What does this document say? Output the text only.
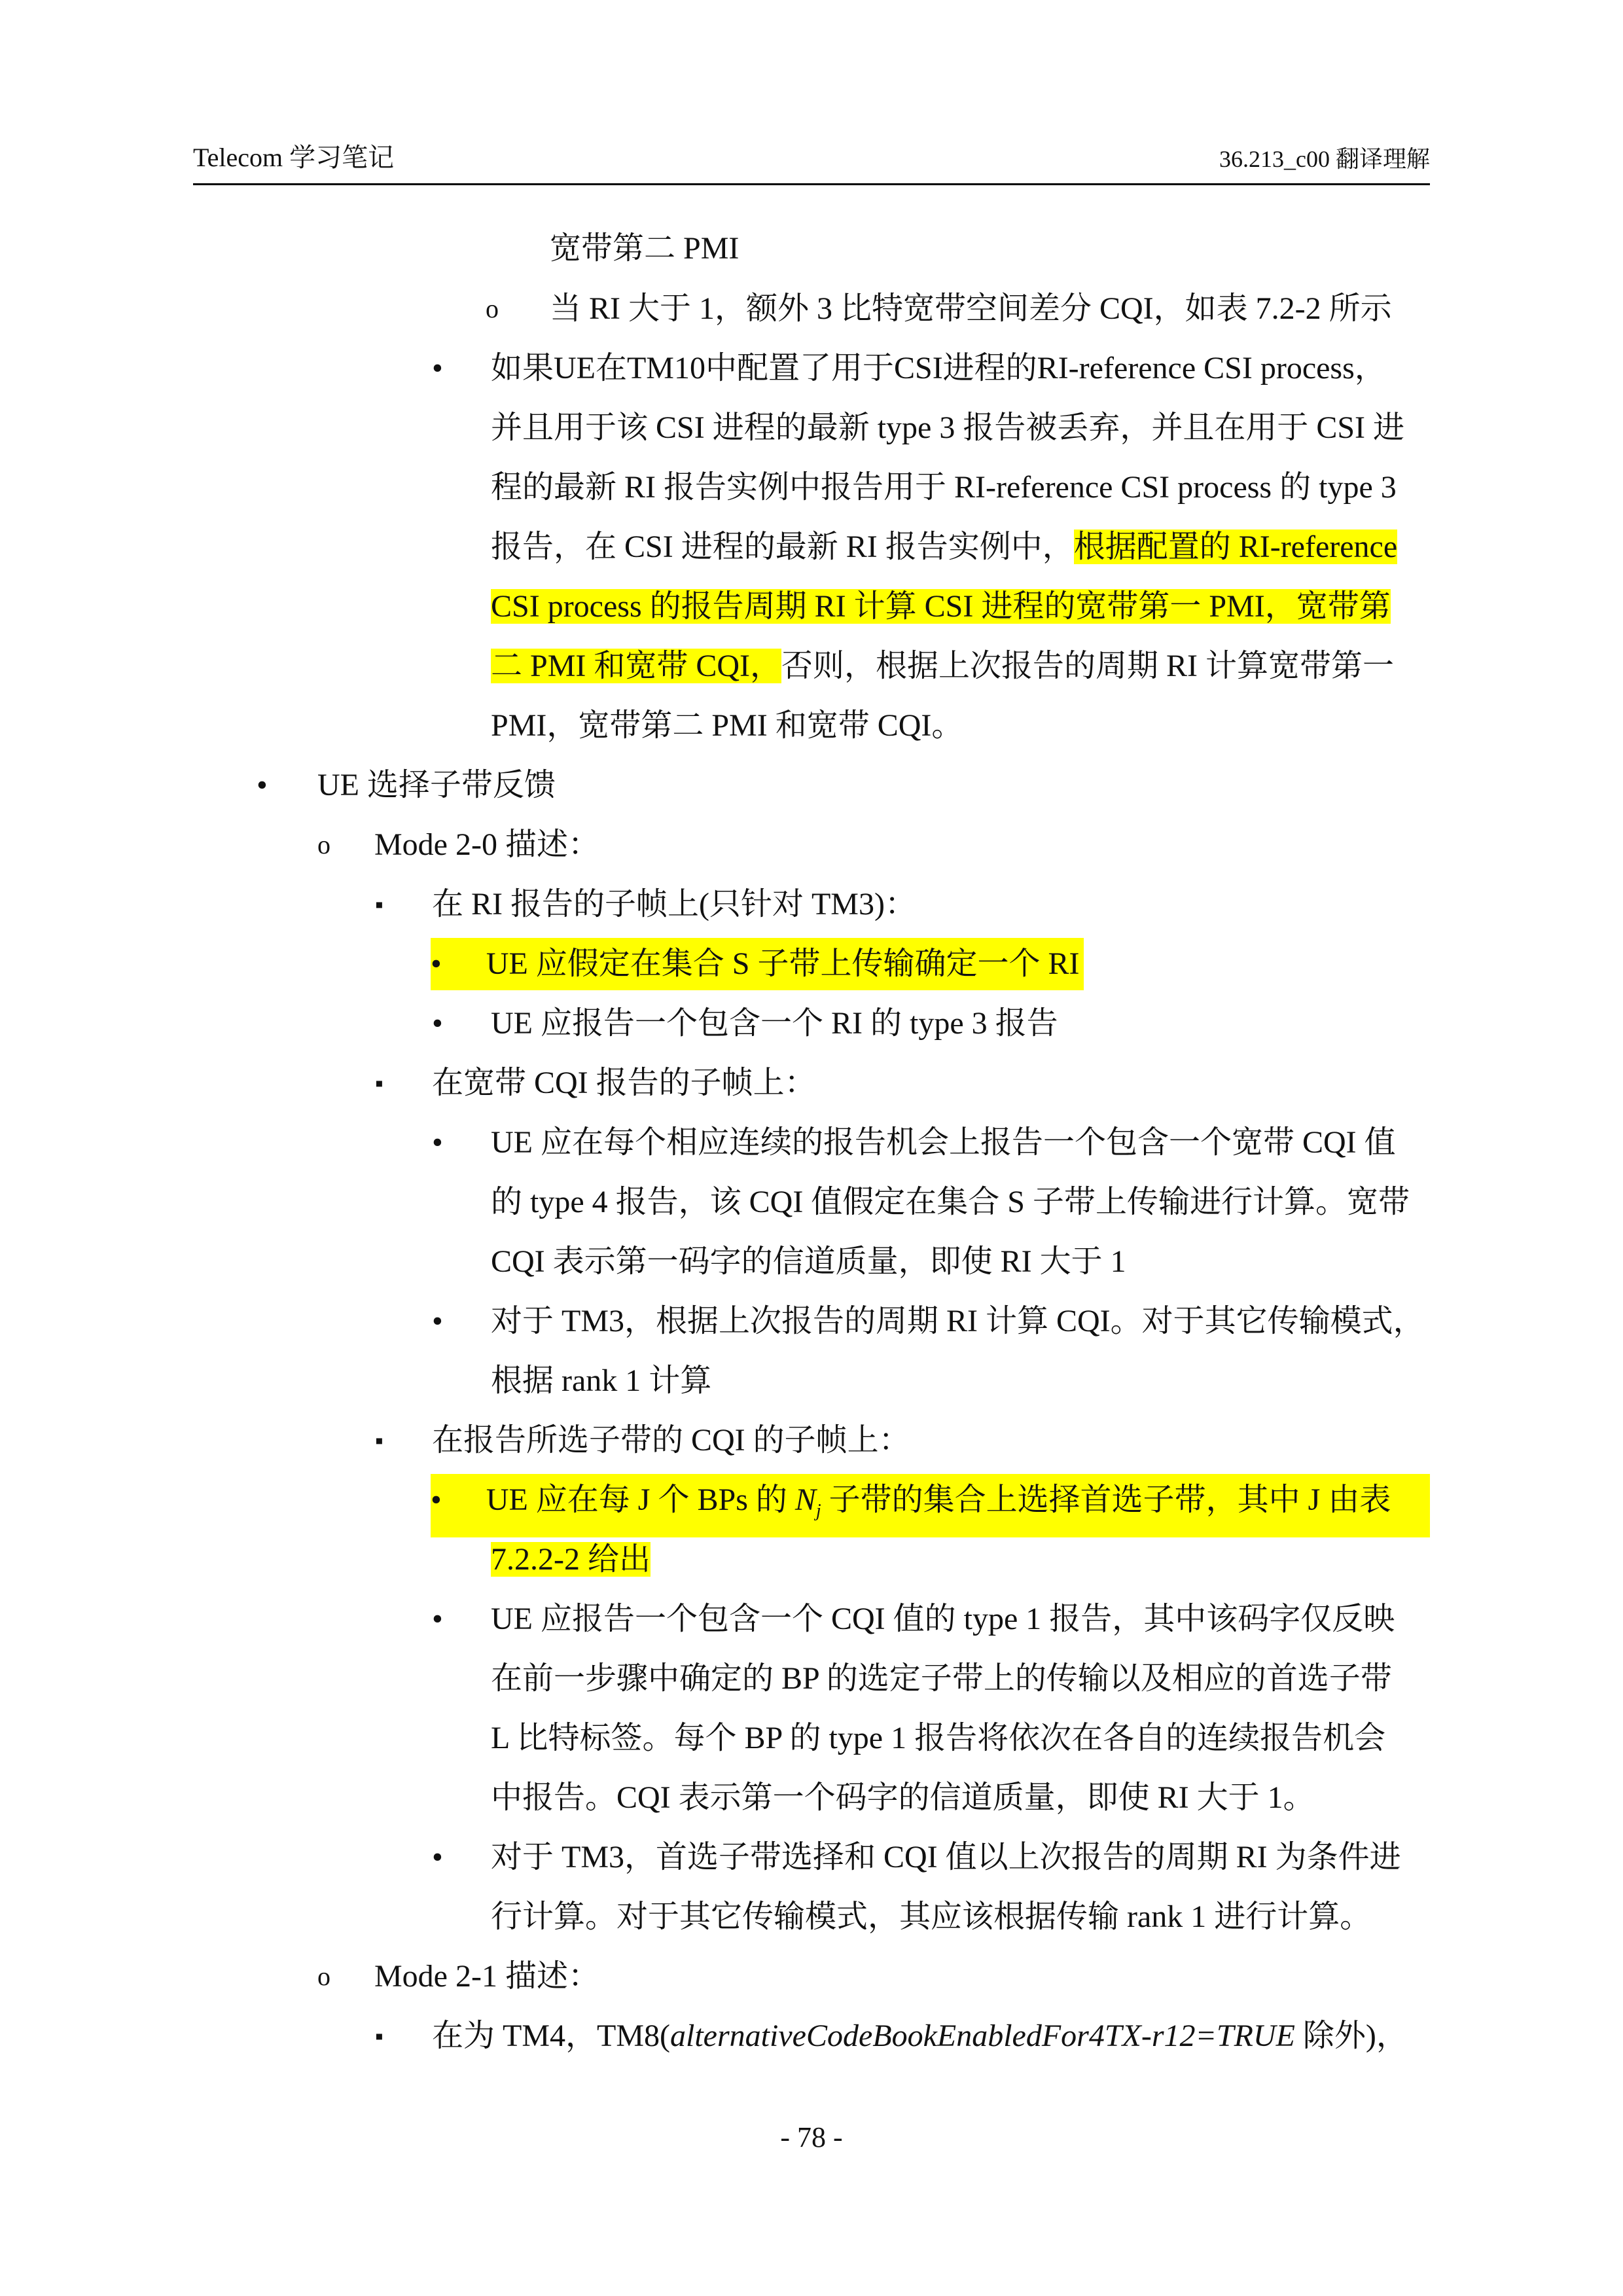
Telecom 学习笔记	36.213_c00 翻译理解
宽带第二 PMI
o 当 RI 大于 1，额外 3 比特宽带空间差分 CQI，如表 7.2-2 所示
• 如果UE在TM10中配置了用于CSI进程的RI-reference CSI process，
并且用于该 CSI 进程的最新 type 3 报告被丢弃，并且在用于 CSI 进
程的最新 RI 报告实例中报告用于 RI-reference CSI process 的 type 3
报告，在 CSI 进程的最新 RI 报告实例中，根据配置的 RI-reference
CSI process 的报告周期 RI 计算 CSI 进程的宽带第一 PMI，宽带第
二 PMI 和宽带 CQI，否则，根据上次报告的周期 RI 计算宽带第一
PMI，宽带第二 PMI 和宽带 CQI。
• UE 选择子带反馈
o Mode 2-0 描述：
▪ 在 RI 报告的子帧上(只针对 TM3)：
• UE 应假定在集合 S 子带上传输确定一个 RI
• UE 应报告一个包含一个 RI 的 type 3 报告
▪ 在宽带 CQI 报告的子帧上：
• UE 应在每个相应连续的报告机会上报告一个包含一个宽带 CQI 值
的 type 4 报告，该 CQI 值假定在集合 S 子带上传输进行计算。宽带
CQI 表示第一码字的信道质量，即使 RI 大于 1
• 对于 TM3，根据上次报告的周期 RI 计算 CQI。对于其它传输模式，
根据 rank 1 计算
▪ 在报告所选子带的 CQI 的子帧上：
• UE 应在每 J 个 BPs 的 $N_j$ 子带的集合上选择首选子带，其中 J 由表
7.2.2-2 给出
• UE 应报告一个包含一个 CQI 值的 type 1 报告，其中该码字仅反映
在前一步骤中确定的 BP 的选定子带上的传输以及相应的首选子带
L 比特标签。每个 BP 的 type 1 报告将依次在各自的连续报告机会
中报告。CQI 表示第一个码字的信道质量，即使 RI 大于 1。
• 对于 TM3，首选子带选择和 CQI 值以上次报告的周期 RI 为条件进
行计算。对于其它传输模式，其应该根据传输 rank 1 进行计算。
o Mode 2-1 描述：
▪ 在为 TM4，TM8(alternativeCodeBookEnabledFor4TX-r12=TRUE 除外)，
- 78 -
